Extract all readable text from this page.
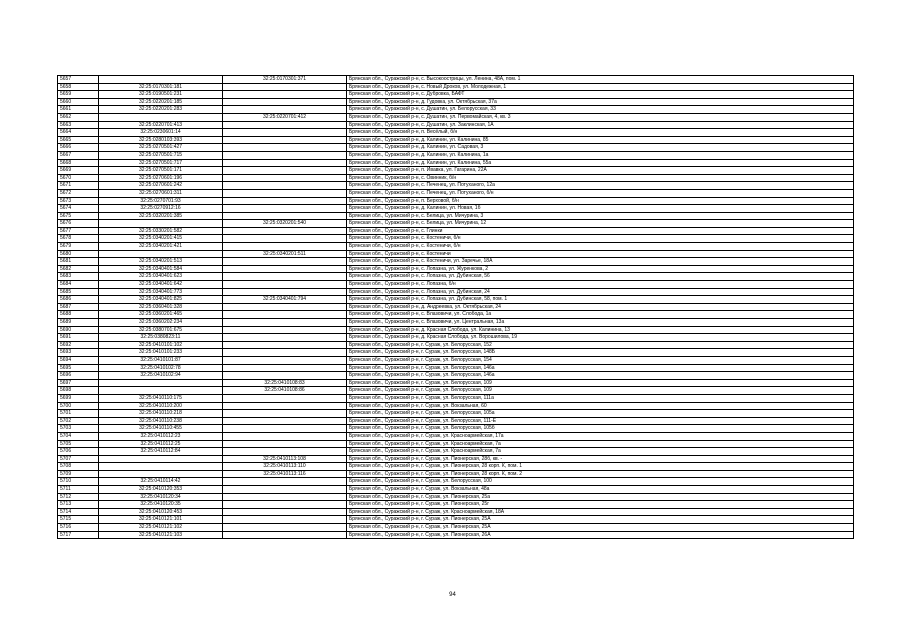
5657		32:25:0170301:371	Брянская обл., Суражский р-н, с. Высокоострицы, ул. Ленина, 48А, пом. 1
5658	32:25:0170301:181		Брянская обл., Суражский р-н, с. Новый Дроков, ул. Молодежная, 1
5659	32:25:0190501:231		Брянская обл., Суражский р-н, с. Дубровка, БАФТ
5660	32:25:0220201:185		Брянская обл., Суражский р-н, д. Гудовка, ул. Октябрьская, 37а
5661	32:25:0220201:283		Брянская обл., Суражский р-н, с. Душатин, ул. Белорусская, 33
5662		32:25:0220701:412	Брянская обл., Суражский р-н, с. Душатин, ул. Первомайская, 4, кв. 3
5663	32:25:0220701:413		Брянская обл., Суражский р-н, с. Душатин, ул. Заклинская, 1А
5664	32:25:0230601:14		Брянская обл., Суражский р-н, п. Весёлый, б/н
5665	32:25:0280103:393		Брянская обл., Суражский р-н, д. Калинин, ул. Калинина, 85
5666	32:25:0270501:427		Брянская обл., Суражский р-н, д. Калинин, ул. Садовая, 3
5667	32:25:0270501:715		Брянская обл., Суражский р-н, д. Калинин, ул. Калинина, 1а
5668	32:25:0270501:717		Брянская обл., Суражский р-н, д. Калинин, ул. Калинина, 55а
5669	32:25:0270501:171		Брянская обл., Суражский р-н, п. Ивавка, ул. Гагарина, 22А
5670	32:25:0270601:196		Брянская обл., Суражский р-н, с. Овинник, б/н
5671	32:25:0270601:242		Брянская обл., Суражский р-н, с. Печенец, ул. Потуханого, 12а
5672	32:25:0270601:311		Брянская обл., Суражский р-н, с. Печенец, ул. Потуханого, б/н
5673	32:25:0270701:93		Брянская обл., Суражский р-н, п. Берховой, б/н
5674	32:25:0270912:16		Брянская обл., Суражский р-н, д. Калинин, ул. Новая, 1б
5675	32:25:0320201:385		Брянская обл., Суражский р-н, с. Белица, ул. Мичурина, 3
5676		32:25:0320201:540	Брянская обл., Суражский р-н, с. Белица, ул. Мичурина, 12
5677	32:25:0330201:582		Брянская обл., Суражский р-н, с. Глинки
5678	32:25:0340201:415		Брянская обл., Суражский р-н, с. Костеничи, б/н
5679	32:25:0340201:421		Брянская обл., Суражский р-н, с. Костеничи, б/н
5680		32:25:0340201:511	Брянская обл., Суражский р-н, с. Костеничи
5681	32:25:0340201:513		Брянская обл., Суражский р-н, с. Костеничи, ул. Заречье, 18А
5682	32:25:0340401:584		Брянская обл., Суражский р-н, с. Лопазна, ул. Журенкова, 2
5683	32:25:0340401:623		Брянская обл., Суражский р-н, с. Лопазна, ул. Дубинская, 56
5684	32:25:0340401:642		Брянская обл., Суражский р-н, с. Лопазна, б/н
5685	32:25:0340401:773		Брянская обл., Суражский р-н, с. Лопазна, ул. Дубинская, 24
5686	32:25:0340401:825	32:25:0340401:794	Брянская обл., Суражский р-н, с. Лопазна, ул. Дубинская, 58, пом. 1
5687	32:25:0360401:328		Брянская обл., Суражский р-н, д. Андреевка, ул. Октябрьская, 24
5688	32:25:0360201:465		Брянская обл., Суражский р-н, с. Влазовичи, ул. Слобода, 1а
5689	32:25:0360202:234		Брянская обл., Суражский р-н, с. Влазовичи, ул. Центральная, 13а
5690	32:25:0380701:675		Брянская обл., Суражский р-н, д. Красная Слобода, ул. Калинина, 13
5691	32:25:0380823:11		Брянская обл., Суражский р-н, д. Красная Слобода, ул. Ворошилова, 19
5692	32:25:0410101:102		Брянская обл., Суражский р-н, г. Сураж, ул. Белорусская, 152
5693	32:25:0410101:233		Брянская обл., Суражский р-н, г. Сураж, ул. Белорусская, 148Б
5694	32:25:0410101:87		Брянская обл., Суражский р-н, г. Сураж, ул. Белорусская, 154
5695	32:25:0410102:78		Брянская обл., Суражский р-н, г. Сураж, ул. Белорусская, 146а
5696	32:25:0410102:94		Брянская обл., Суражский р-н, г. Сураж, ул. Белорусская, 146а
5697		32:25:0410108:83	Брянская обл., Суражский р-н, г. Сураж, ул. Белорусская, 109
5698		32:25:0410108:86	Брянская обл., Суражский р-н, г. Сураж, ул. Белорусская, 109
5699	32:25:0410110:175		Брянская обл., Суражский р-н, г. Сураж, ул. Белорусская, 111а
5700	32:25:0410110:200		Брянская обл., Суражский р-н, г. Сураж, ул. Вокзальная, 60
5701	32:25:0410110:218		Брянская обл., Суражский р-н, г. Сураж, ул. Белорусская, 105а
5702	32:25:0410110:238		Брянская обл., Суражский р-н, г. Сураж, ул. Белорусская, 111-Е
5703	32:25:0410110:455		Брянская обл., Суражский р-н, г. Сураж, ул. Белорусская, 105б
5704	32:25:0410112:23		Брянская обл., Суражский р-н, г. Сураж, ул. Красноармейская, 17а
5705	32:25:0410112:25		Брянская обл., Суражский р-н, г. Сураж, ул. Красноармейская, 7а
5706	32:25:0410112:84		Брянская обл., Суражский р-н, г. Сураж, ул. Красноармейская, 7а
5707		32:25:0410113:108	Брянская обл., Суражский р-н, г. Сураж, ул. Пионерская, 28б, кв. -
5708		32:25:0410113:110	Брянская обл., Суражский р-н, г. Сураж, ул. Пионерская, 28 корп. К, пом. 1
5709		32:25:0410113:116	Брянская обл., Суражский р-н, г. Сураж, ул. Пионерская, 28 корп. К, пом. 2
5710	32:25:0410114:42		Брянская обл., Суражский р-н, г. Сураж, ул. Белорусская, 100
5711	32:25:0410120:353		Брянская обл., Суражский р-н, г. Сураж, ул. Вокзальная, 48а
5712	32:25:0410120:34		Брянская обл., Суражский р-н, г. Сураж, ул. Пионерская, 25а
5713	32:25:0410120:35		Брянская обл., Суражский р-н, г. Сураж, ул. Пионерская, 25г
5714	32:25:0410120:453		Брянская обл., Суражский р-н, г. Сураж, ул. Красноармейская, 18А
5715	32:25:0410121:101		Брянская обл., Суражский р-н, г. Сураж, ул. Пионерская, 25А
5716	32:25:0410121:102		Брянская обл., Суражский р-н, г. Сураж, ул. Пионерская, 25А
5717	32:25:0410121:103		Брянская обл., Суражский р-н, г. Сураж, ул. Пионерская, 26А
94
